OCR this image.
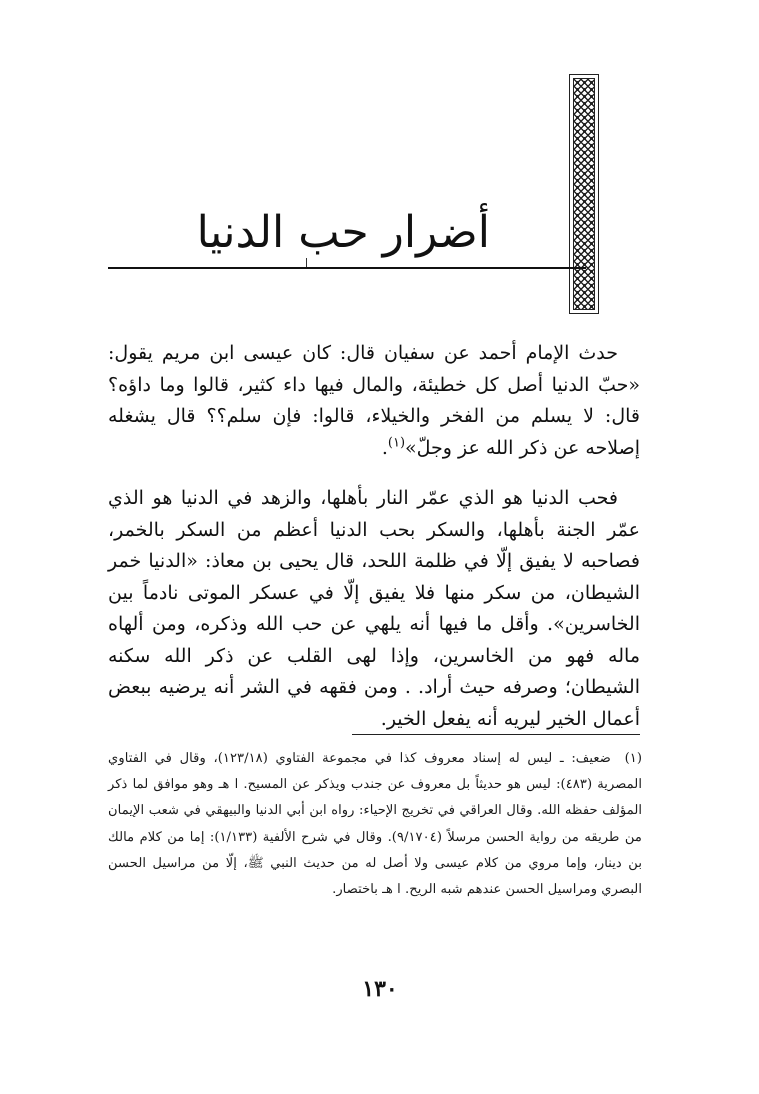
أضرار حب الدنيا
حدث الإمام أحمد عن سفيان قال: كان عيسى ابن مريم يقول: «حبّ الدنيا أصل كل خطيئة، والمال فيها داء كثير، قالوا وما داؤه؟ قال: لا يسلم من الفخر والخيلاء، قالوا: فإن سلم؟؟ قال يشغله إصلاحه عن ذكر الله عز وجلّ»$^{(١)}$.
فحب الدنيا هو الذي عمّر النار بأهلها، والزهد في الدنيا هو الذي عمّر الجنة بأهلها، والسكر بحب الدنيا أعظم من السكر بالخمر، فصاحبه لا يفيق إلّا في ظلمة اللحد، قال يحيى بن معاذ: «الدنيا خمر الشيطان، من سكر منها فلا يفيق إلّا في عسكر الموتى نادماً بين الخاسرين». وأقل ما فيها أنه يلهي عن حب الله وذكره، ومن ألهاه ماله فهو من الخاسرين، وإذا لهى القلب عن ذكر الله سكنه الشيطان؛ وصرفه حيث أراد. . ومن فقهه في الشر أنه يرضيه ببعض أعمال الخير ليريه أنه يفعل الخير.
(١) ضعيف: ـ ليس له إسناد معروف كذا في مجموعة الفتاوي (١٢٣/١٨)، وقال في الفتاوي المصرية (٤٨٣): ليس هو حديثاً بل معروف عن جندب ويذكر عن المسيح. ا هـ وهو موافق لما ذكر المؤلف حفظه الله. وقال العراقي في تخريج الإحياء: رواه ابن أبي الدنيا والبيهقي في شعب الإيمان من طريقه من رواية الحسن مرسلاً (٩/١٧٠٤). وقال في شرح الألفية (١/١٣٣): إما من كلام مالك بن دينار، وإما مروي من كلام عيسى ولا أصل له من حديث النبي ﷺ، إلّا من مراسيل الحسن البصري ومراسيل الحسن عندهم شبه الريح. ا هـ باختصار.
١٣٠
